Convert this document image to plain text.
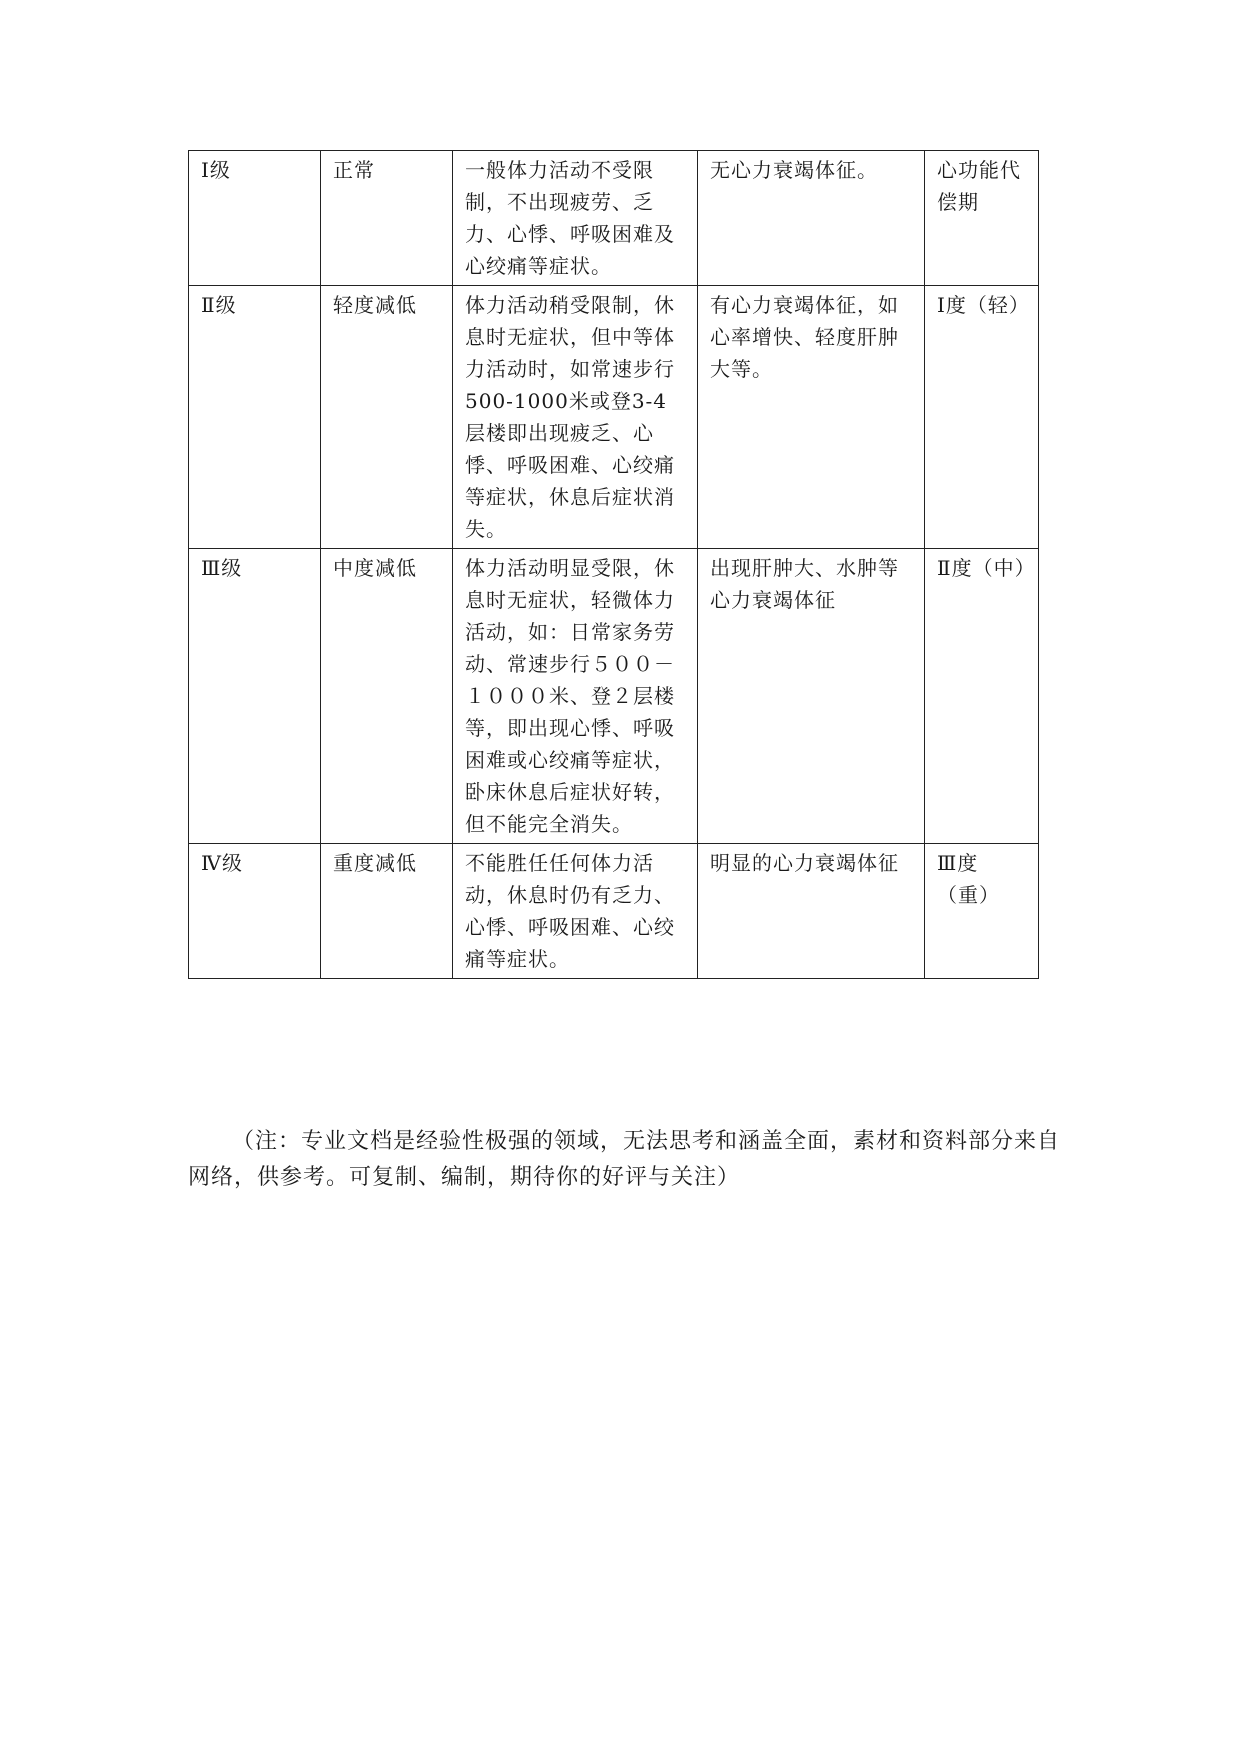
Ⅰ级	正常	一般体力活动不受限制，不出现疲劳、乏力、心悸、呼吸困难及心绞痛等症状。	无心力衰竭体征。	心功能代偿期
Ⅱ级	轻度减低	体力活动稍受限制，休息时无症状，但中等体力活动时，如常速步行500-1000米或登3-4层楼即出现疲乏、心悸、呼吸困难、心绞痛等症状，休息后症状消失。	有心力衰竭体征，如心率增快、轻度肝肿大等。	Ⅰ度（轻）
Ⅲ级	中度减低	体力活动明显受限，休息时无症状，轻微体力活动，如：日常家务劳动、常速步行５００－１０００米、登２层楼等，即出现心悸、呼吸困难或心绞痛等症状，卧床休息后症状好转，但不能完全消失。	出现肝肿大、水肿等心力衰竭体征	Ⅱ度（中）
Ⅳ级	重度减低	不能胜任任何体力活动，休息时仍有乏力、心悸、呼吸困难、心绞痛等症状。	明显的心力衰竭体征	Ⅲ度（重）

（注：专业文档是经验性极强的领域，无法思考和涵盖全面，素材和资料部分来自网络，供参考。可复制、编制，期待你的好评与关注）
